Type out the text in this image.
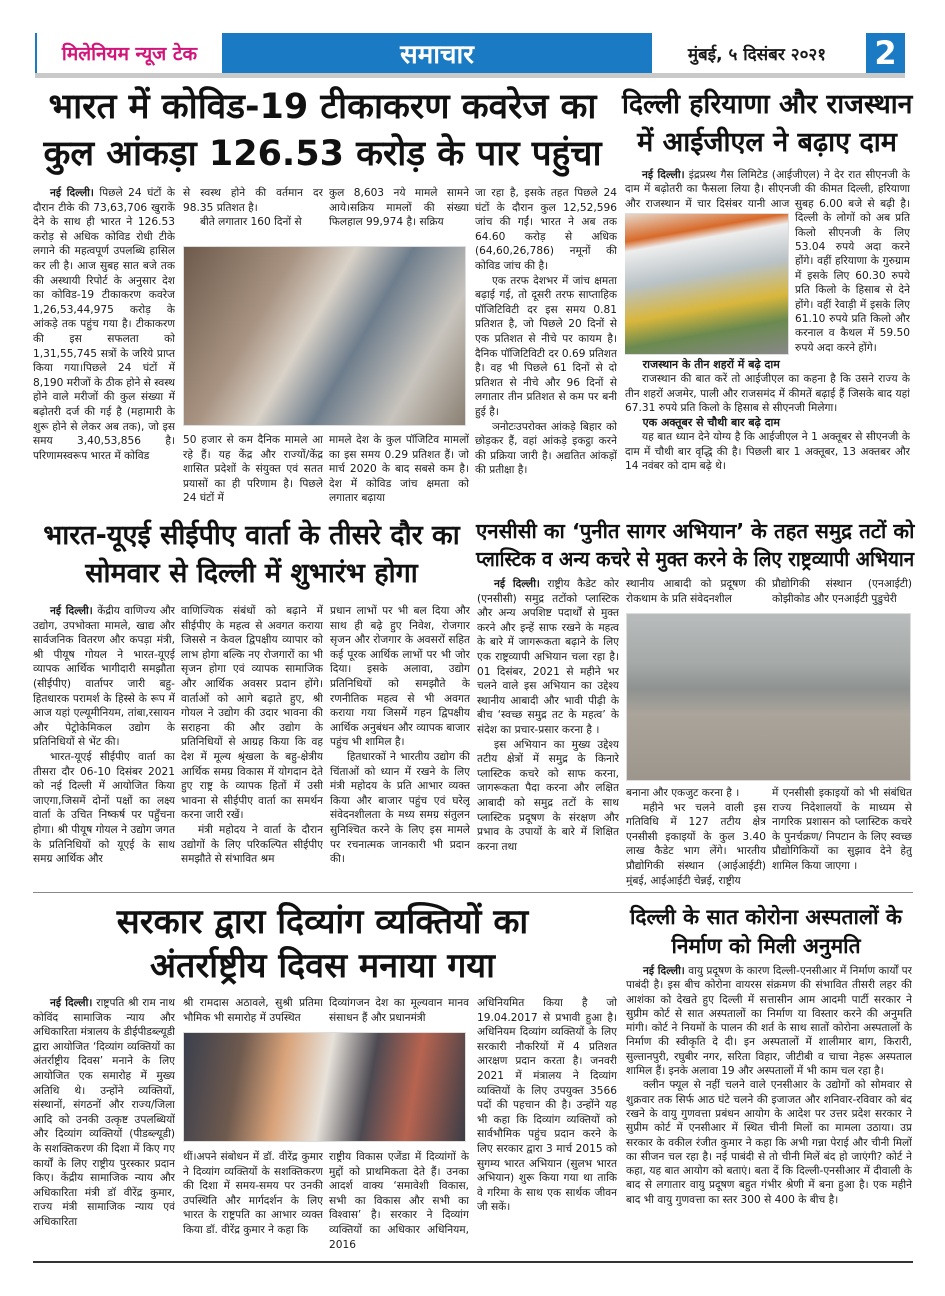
मिलेनियम न्यूज टेक	समाचार	मुंबई, ५ दिसंबर २०२१	2
भारत में कोविड-19 टीकाकरण कवरेज का
कुल आंकड़ा 126.53 करोड़ के पार पहुंचा

नई दिल्ली। पिछले 24 घंटों के दौरान टीके की 73,63,706 खुराकें देने के साथ ही भारत ने 126.53 करोड़ से अधिक कोविड रोधी टीके लगाने की महत्वपूर्ण उपलब्धि हासिल कर ली है। आज सुबह सात बजे तक की अस्थायी रिपोर्ट के अनुसार देश का कोविड-19 टीकाकरण कवरेज 1,26,53,44,975 करोड़ के आंकड़े तक पहुंच गया है। टीकाकरण की इस सफलता को 1,31,55,745 सत्रों के जरिये प्राप्त किया गया।पिछले 24 घंटों में 8,190 मरीजों के ठीक होने से स्वस्थ होने वाले मरीजों की कुल संख्या में बढ़ोतरी दर्ज की गई है (महामारी के शुरू होने से लेकर अब तक), जो इस समय 3,40,53,856 है। परिणामस्वरूप भारत में कोविड

से स्वस्थ होने की वर्तमान दर 98.35 प्रतिशत है।

बीते लगातार 160 दिनों से

कुल 8,603 नये मामले सामने आये।सक्रिय मामलों की संख्या फिलहाल 99,974 है। सक्रिय

50 हजार से कम दैनिक मामले आ रहे हैं। यह केंद्र और राज्यों/केंद्र शासित प्रदेशों के संयुक्त एवं सतत प्रयासों का ही परिणाम है। पिछले 24 घंटों में

मामले देश के कुल पॉजिटिव मामलों का इस समय 0.29 प्रतिशत हैं। जो मार्च 2020 के बाद सबसे कम है। देश में कोविड जांच क्षमता को लगातार बढ़ाया

जा रहा है, इसके तहत पिछले 24 घंटों के दौरान कुल 12,52,596 जांच की गईं। भारत ने अब तक 64.60 करोड़ से अधिक (64,60,26,786) नमूनों की कोविड जांच की है।

एक तरफ देशभर में जांच क्षमता बढ़ाई गई, तो दूसरी तरफ साप्ताहिक पॉजिटिविटी दर इस समय 0.81 प्रतिशत है, जो पिछले 20 दिनों से एक प्रतिशत से नीचे पर कायम है। दैनिक पॉजिटिविटी दर 0.69 प्रतिशत है। वह भी पिछले 61 दिनों से दो प्रतिशत से नीचे और 96 दिनों से लगातार तीन प्रतिशत से कम पर बनी हुई है।

ञनोटःउपरोक्त आंकड़े बिहार को छोड़कर हैं, वहां आंकड़े इकट्ठा करने की प्रक्रिया जारी है। अद्यतित आंकड़ों की प्रतीक्षा है।

दिल्ली हरियाणा और राजस्थान
में आईजीएल ने बढ़ाए दाम

नई दिल्ली। इंद्रप्रस्थ गैस लिमिटेड (आईजीएल) ने देर रात सीएनजी के दाम में बढ़ोतरी का फैसला लिया है। सीएनजी की कीमत दिल्ली, हरियाणा और राजस्थान में चार दिसंबर यानी आज सुबह 6.00 बजे से बढ़ी है। दिल्ली के लोगों को अब प्रति किलो सीएनजी के लिए 53.04 रुपये अदा करने होंगे। वहीं हरियाणा के गुरुग्राम में इसके लिए 60.30 रुपये प्रति किलो के हिसाब से देने होंगे। वहीं रेवाड़ी में इसके लिए 61.10 रुपये प्रति किलो और करनाल व कैथल में 59.50 रुपये अदा करने होंगे।

राजस्थान के तीन शहरों में बढ़े दाम

राजस्थान की बात करें तो आईजीएल का कहना है कि उसने राज्य के तीन शहरों अजमेर, पाली और राजसमंद में कीमतें बढ़ाई हैं जिसके बाद यहां 67.31 रुपये प्रति किलो के हिसाब से सीएनजी मिलेगा।

एक अक्तूबर से चौथी बार बढ़े दाम

यह बात ध्यान देने योग्य है कि आईजीएल ने 1 अक्तूबर से सीएनजी के दाम में चौथी बार वृद्धि की है। पिछली बार 1 अक्तूबर, 13 अक्तबर और 14 नवंबर को दाम बढ़े थे।

भारत-यूएई सीईपीए वार्ता के तीसरे दौर का
सोमवार से दिल्ली में शुभारंभ होगा

नई दिल्ली। केंद्रीय वाणिज्य और उद्योग, उपभोक्ता मामले, खाद्य और सार्वजनिक वितरण और कपड़ा मंत्री, श्री पीयूष गोयल ने भारत-यूएई व्यापक आर्थिक भागीदारी समझौता (सीईपीए) वार्तापर जारी बहु-हितधारक परामर्श के हिस्से के रूप में आज यहां एल्यूमीनियम, तांबा,रसायन और पेट्रोकेमिकल उद्योग के प्रतिनिधियों से भेंट की।

भारत-यूएई सीईपीए वार्ता का तीसरा दौर 06-10 दिसंबर 2021 को नई दिल्ली में आयोजित किया जाएगा,जिसमें दोनों पक्षों का लक्ष्य वार्ता के उचित निष्कर्ष पर पहुँचना होगा। श्री पीयूष गोयल ने उद्योग जगत के प्रतिनिधियों को यूएई के साथ समग्र आर्थिक और

वाणिज्यिक संबंधों को बढ़ाने में सीईपीए के महत्व से अवगत कराया जिससे न केवल द्विपक्षीय व्यापार को लाभ होगा बल्कि नए रोजगारों का भी सृजन होगा एवं व्यापक सामाजिक और आर्थिक अवसर प्रदान होंगे। वार्ताओं को आगे बढ़ाते हुए, श्री गोयल ने उद्योग की उदार भावना की सराहना की और उद्योग के प्रतिनिधियों से आग्रह किया कि वह देश में मूल्य श्रृंखला के बहु-क्षेत्रीय आर्थिक समग्र विकास में योगदान देते हुए राष्ट्र के व्यापक हितों में उसी भावना से सीईपीए वार्ता का समर्थन करना जारी रखें।

मंत्री महोदय ने वार्ता के दौरान उद्योगों के लिए परिकल्पित सीईपीए समझौते से संभावित श्रम

प्रधान लाभों पर भी बल दिया और साथ ही बढ़े हुए निवेश, रोजगार सृजन और रोजगार के अवसरों सहित कई पूरक आर्थिक लाभों पर भी जोर दिया। इसके अलावा, उद्योग प्रतिनिधियों को समझौते के रणनीतिक महत्व से भी अवगत कराया गया जिसमें गहन द्विपक्षीय आर्थिक अनुबंधन और व्यापक बाजार पहुंच भी शामिल है।

हितधारकों ने भारतीय उद्योग की चिंताओं को ध्यान में रखने के लिए मंत्री महोदय के प्रति आभार व्यक्त किया और बाजार पहुंच एवं घरेलू संवेदनशीलता के मध्य समग्र संतुलन सुनिश्चित करने के लिए इस मामले पर रचनात्मक जानकारी भी प्रदान की।

एनसीसी का ‘पुनीत सागर अभियान’ के तहत समुद्र तटों को
प्लास्टिक व अन्य कचरे से मुक्त करने के लिए राष्ट्रव्यापी अभियान

नई दिल्ली। राष्ट्रीय कैडेट कोर (एनसीसी) समुद्र तटोंको प्लास्टिक और अन्य अपशिष्ट पदार्थों से मुक्त करने और इन्हें साफ रखने के महत्व के बारे में जागरूकता बढ़ाने के लिए एक राष्ट्रव्यापी अभियान चला रहा है। 01 दिसंबर, 2021 से महीने भर चलने वाले इस अभियान का उद्देश्य स्थानीय आबादी और भावी पीढ़ी के बीच ‘स्वच्छ समुद्र तट के महत्व’ के संदेश का प्रचार-प्रसार करना है ।

इस अभियान का मुख्य उद्देश्य तटीय क्षेत्रों में समुद्र के किनारे प्लास्टिक कचरे को साफ करना, जागरूकता पैदा करना और लक्षित आबादी को समुद्र तटों के साथ प्लास्टिक प्रदूषण के संरक्षण और प्रभाव के उपायों के बारे में शिक्षित करना तथा

स्थानीय आबादी को प्रदूषण की रोकथाम के प्रति संवेदनशील

प्रौद्योगिकी संस्थान (एनआईटी) कोझीकोड और एनआईटी पुडुचेरी

बनाना और एकजुट करना है ।

महीने भर चलने वाली इस गतिविधि में 127 तटीय क्षेत्र एनसीसी इकाइयों के कुल 3.40 लाख कैडेट भाग लेंगे। भारतीय प्रौद्योगिकी संस्थान (आईआईटी) मुंबई, आईआईटी चेन्नई, राष्ट्रीय

में एनसीसी इकाइयों को भी संबंधित राज्य निदेशालयों के माध्यम से नागरिक प्रशासन को प्लास्टिक कचरे के पुनर्चक्रण/ निपटान के लिए स्वच्छ प्रौद्योगिकियों का सुझाव देने हेतु शामिल किया जाएगा ।

सरकार द्वारा दिव्यांग व्यक्तियों का
अंतर्राष्ट्रीय दिवस मनाया गया

नई दिल्ली। राष्ट्रपति श्री राम नाथ कोविंद सामाजिक न्याय और अधिकारिता मंत्रालय के डीईपीडब्ल्यूडी द्वारा आयोजित ‘दिव्यांग व्यक्तियों का अंतर्राष्ट्रीय दिवस’ मनाने के लिए आयोजित एक समारोह में मुख्य अतिथि थे। उन्होंने व्यक्तियों, संस्थानों, संगठनों और राज्य/जिला आदि को उनकी उत्कृष्ट उपलब्धियों और दिव्यांग व्यक्तियों (पीडब्ल्यूडी) के सशक्तिकरण की दिशा में किए गए कार्यों के लिए राष्ट्रीय पुरस्कार प्रदान किए। केंद्रीय सामाजिक न्याय और अधिकारिता मंत्री डॉ वीरेंद्र कुमार, राज्य मंत्री सामाजिक न्याय एवं अधिकारिता

श्री रामदास अठावले, सुश्री प्रतिमा भौमिक भी समारोह में उपस्थित

दिव्यांगजन देश का मूल्यवान मानव संसाधन हैं और प्रधानमंत्री

थीं।अपने संबोधन में डॉ. वीरेंद्र कुमार ने दिव्यांग व्यक्तियों के सशक्तिकरण की दिशा में समय-समय पर उनकी उपस्थिति और मार्गदर्शन के लिए भारत के राष्ट्रपति का आभार व्यक्त किया डॉ. वीरेंद्र कुमार ने कहा कि

राष्ट्रीय विकास एजेंडा में दिव्यांगों के मुद्दों को प्राथमिकता देते हैं। उनका आदर्श वाक्य ‘समावेशी विकास, सभी का विकास और सभी का विश्वास’ है। सरकार ने दिव्यांग व्यक्तियों का अधिकार अधिनियम, 2016

अधिनियमित किया है जो 19.04.2017 से प्रभावी हुआ है। अधिनियम दिव्यांग व्यक्तियों के लिए सरकारी नौकरियों में 4 प्रतिशत आरक्षण प्रदान करता है। जनवरी 2021 में मंत्रालय ने दिव्यांग व्यक्तियों के लिए उपयुक्त 3566 पदों की पहचान की है। उन्होंने यह भी कहा कि दिव्यांग व्यक्तियों को सार्वभौमिक पहुंच प्रदान करने के लिए सरकार द्वारा 3 मार्च 2015 को सुगम्य भारत अभियान (सुलभ भारत अभियान) शुरू किया गया था ताकि वे गरिमा के साथ एक सार्थक जीवन जी सकें।

दिल्ली के सात कोरोना अस्पतालों के
निर्माण को मिली अनुमति

नई दिल्ली। वायु प्रदूषण के कारण दिल्ली-एनसीआर में निर्माण कार्यों पर पाबंदी है। इस बीच कोरोना वायरस संक्रमण की संभावित तीसरी लहर की आशंका को देखते हुए दिल्ली में सत्तासीन आम आदमी पार्टी सरकार ने सुप्रीम कोर्ट से सात अस्पतालों का निर्माण या विस्तार करने की अनुमति मांगी। कोर्ट ने नियमों के पालन की शर्त के साथ सातों कोरोना अस्पतालों के निर्माण की स्वीकृति दे दी। इन अस्पतालों में शालीमार बाग, किरारी, सुल्तानपुरी, रघुबीर नगर, सरिता विहार, जीटीबी व चाचा नेहरू अस्पताल शामिल हैं। इनके अलावा 19 और अस्पतालों में भी काम चल रहा है।

क्लीन फ्यूल से नहीं चलने वाले एनसीआर के उद्योगों को सोमवार से शुक्रवार तक सिर्फ आठ घंटे चलने की इजाजत और शनिवार-रविवार को बंद रखने के वायु गुणवत्ता प्रबंधन आयोग के आदेश पर उत्तर प्रदेश सरकार ने सुप्रीम कोर्ट में एनसीआर में स्थित चीनी मिलों का मामला उठाया। उप्र सरकार के वकील रंजीत कुमार ने कहा कि अभी गन्ना पेराई और चीनी मिलों का सीजन चल रहा है। नई पाबंदी से तो चीनी मिलें बंद हो जाएंगी? कोर्ट ने कहा, यह बात आयोग को बताएं। बता दें कि दिल्ली-एनसीआर में दीवाली के बाद से लगातार वायु प्रदूषण बहुत गंभीर श्रेणी में बना हुआ है। एक महीने बाद भी वायु गुणवत्ता का स्तर 300 से 400 के बीच है।
